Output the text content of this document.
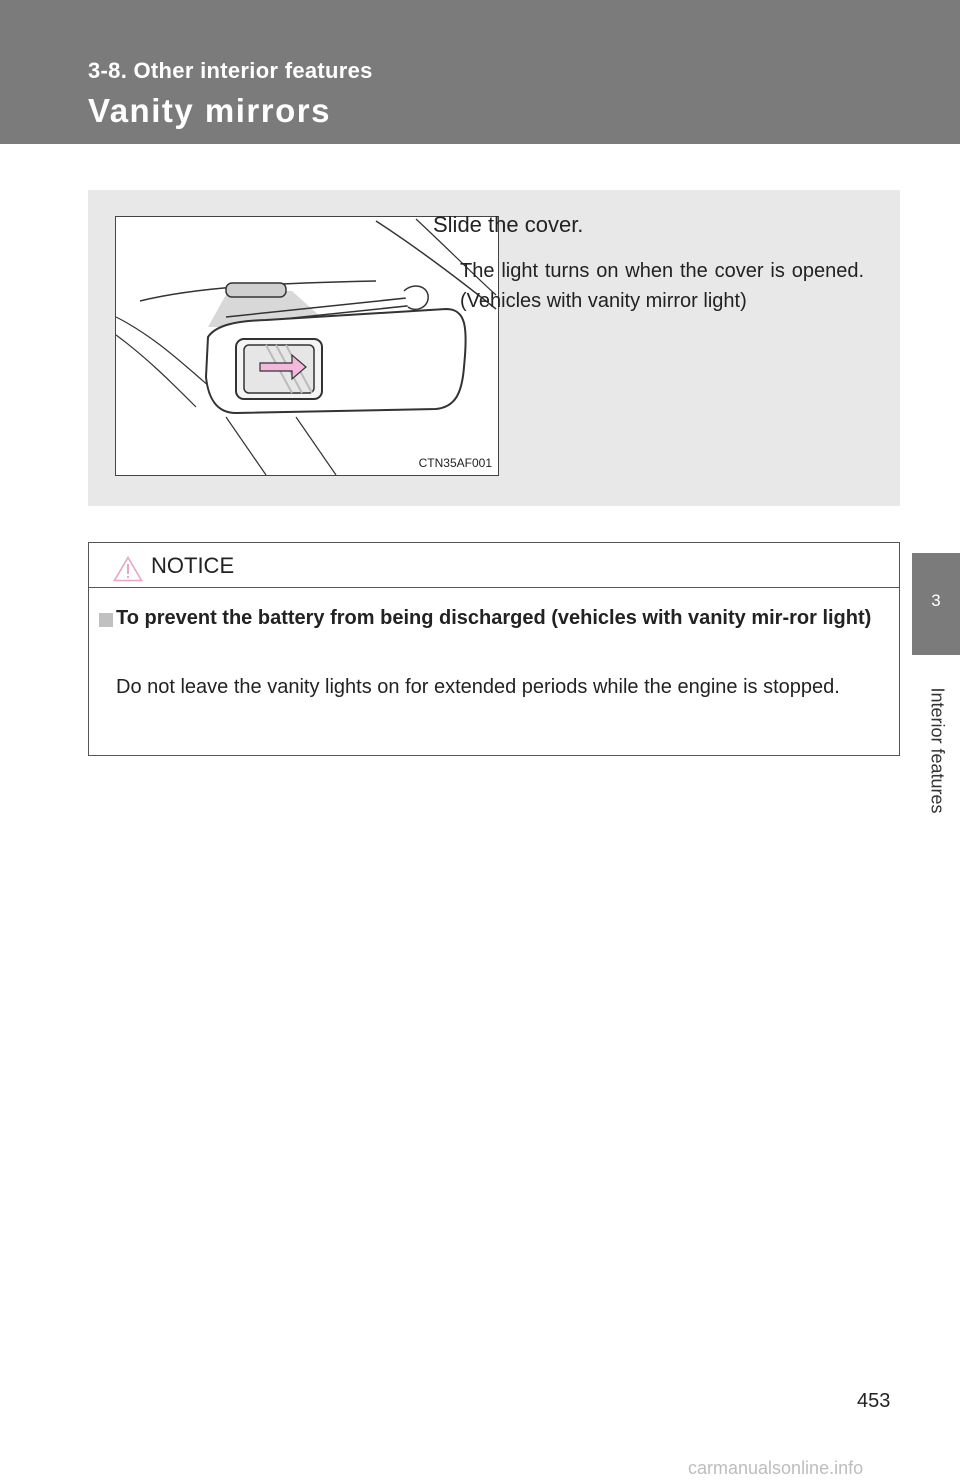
3-8. Other interior features
Vanity mirrors
3
Interior features
CTN35AF001
Slide the cover.

The light turns on when the cover is opened. (Vehicles with vanity mirror light)

NOTICE

To prevent the battery from being discharged (vehicles with vanity mir-ror light)

Do not leave the vanity lights on for extended periods while the engine is stopped.

453
carmanualsonline.info
